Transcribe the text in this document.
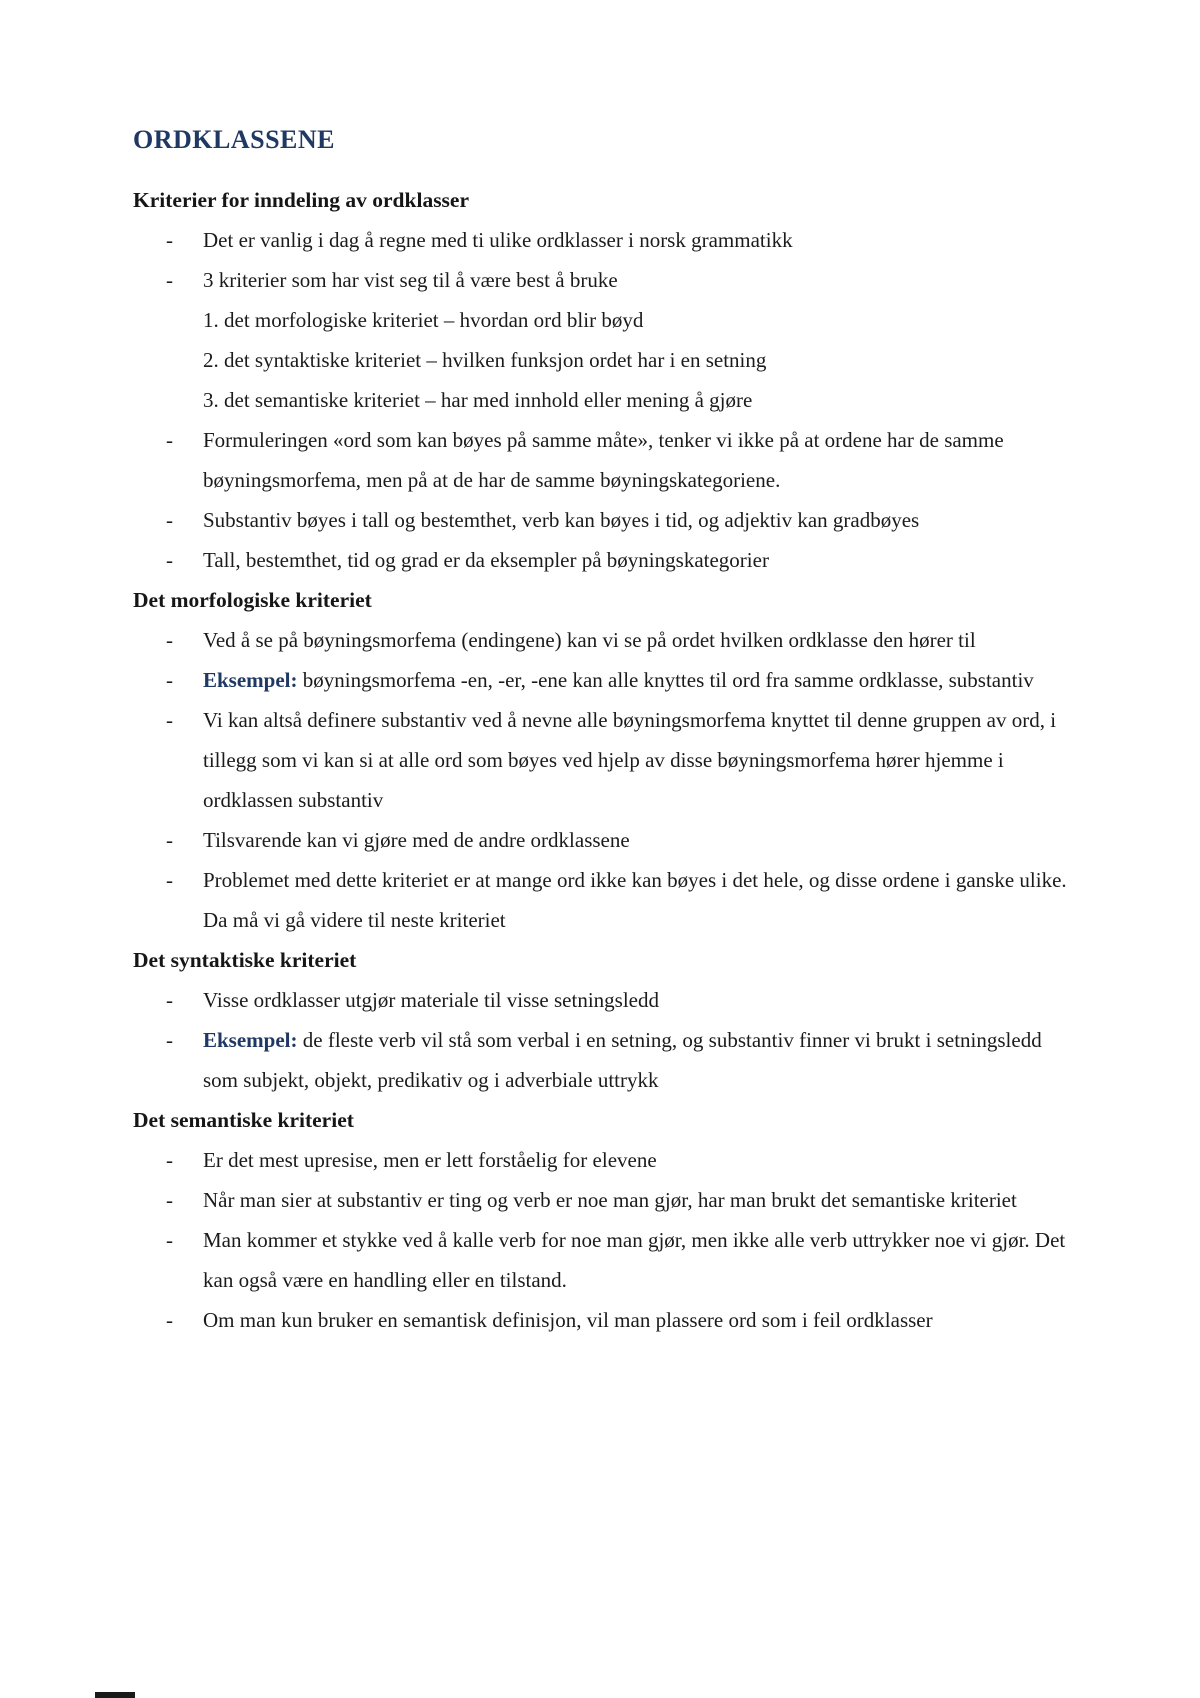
ORDKLASSENE
Kriterier for inndeling av ordklasser
-	Det er vanlig i dag å regne med ti ulike ordklasser i norsk grammatikk
-	3 kriterier som har vist seg til å være best å bruke
1. det morfologiske kriteriet – hvordan ord blir bøyd
2. det syntaktiske kriteriet – hvilken funksjon ordet har i en setning
3. det semantiske kriteriet – har med innhold eller mening å gjøre
-	Formuleringen «ord som kan bøyes på samme måte», tenker vi ikke på at ordene har de samme bøyningsmorfema, men på at de har de samme bøyningskategoriene.
-	Substantiv bøyes i tall og bestemthet, verb kan bøyes i tid, og adjektiv kan gradbøyes
-	Tall, bestemthet, tid og grad er da eksempler på bøyningskategorier
Det morfologiske kriteriet
-	Ved å se på bøyningsmorfema (endingene) kan vi se på ordet hvilken ordklasse den hører til
-	Eksempel: bøyningsmorfema -en, -er, -ene kan alle knyttes til ord fra samme ordklasse, substantiv
-	Vi kan altså definere substantiv ved å nevne alle bøyningsmorfema knyttet til denne gruppen av ord, i tillegg som vi kan si at alle ord som bøyes ved hjelp av disse bøyningsmorfema hører hjemme i ordklassen substantiv
-	Tilsvarende kan vi gjøre med de andre ordklassene
-	Problemet med dette kriteriet er at mange ord ikke kan bøyes i det hele, og disse ordene i ganske ulike. Da må vi gå videre til neste kriteriet
Det syntaktiske kriteriet
-	Visse ordklasser utgjør materiale til visse setningsledd
-	Eksempel: de fleste verb vil stå som verbal i en setning, og substantiv finner vi brukt i setningsledd som subjekt, objekt, predikativ og i adverbiale uttrykk
Det semantiske kriteriet
-	Er det mest upresise, men er lett forståelig for elevene
-	Når man sier at substantiv er ting og verb er noe man gjør, har man brukt det semantiske kriteriet
-	Man kommer et stykke ved å kalle verb for noe man gjør, men ikke alle verb uttrykker noe vi gjør. Det kan også være en handling eller en tilstand.
-	Om man kun bruker en semantisk definisjon, vil man plassere ord som i feil ordklasser
